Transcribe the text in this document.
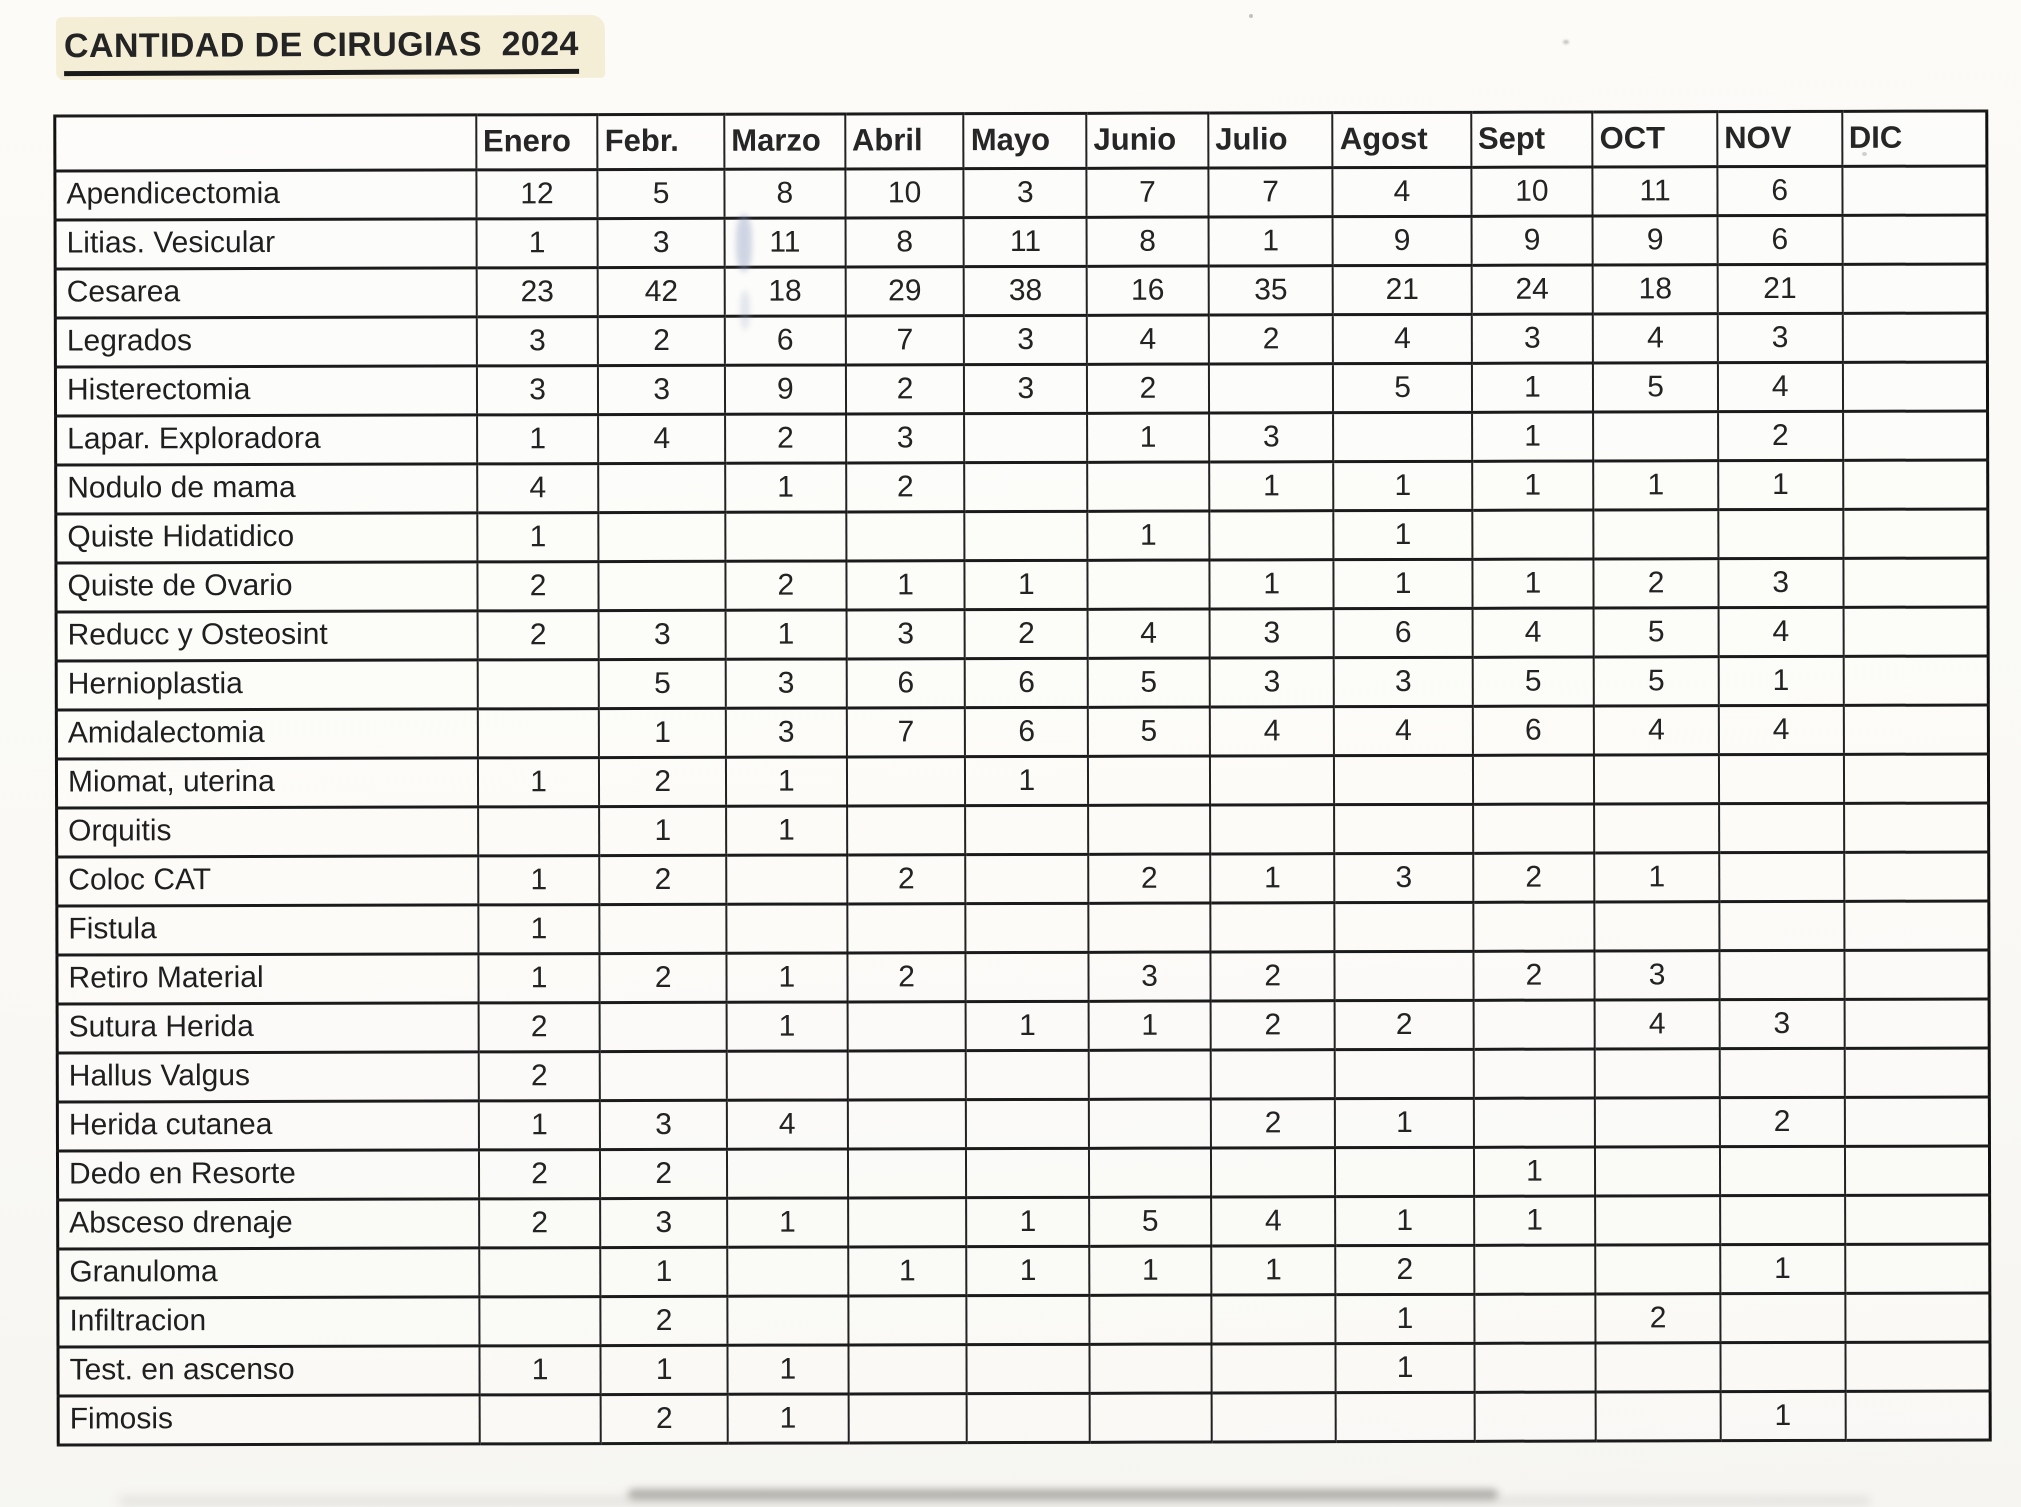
CANTIDAD DE CIRUGIAS  2024
	Enero	Febr.	Marzo	Abril	Mayo	Junio	Julio	Agost	Sept	OCT	NOV	DIC
Apendicectomia	12	5	8	10	3	7	7	4	10	11	6	
Litias. Vesicular	1	3	11	8	11	8	1	9	9	9	6	
Cesarea	23	42	18	29	38	16	35	21	24	18	21	
Legrados	3	2	6	7	3	4	2	4	3	4	3	
Histerectomia	3	3	9	2	3	2		5	1	5	4	
Lapar. Exploradora	1	4	2	3		1	3		1		2	
Nodulo de mama	4		1	2			1	1	1	1	1	
Quiste Hidatidico	1					1		1				
Quiste de Ovario	2		2	1	1		1	1	1	2	3	
Reducc y Osteosint	2	3	1	3	2	4	3	6	4	5	4	
Hernioplastia		5	3	6	6	5	3	3	5	5	1	
Amidalectomia		1	3	7	6	5	4	4	6	4	4	
Miomat, uterina	1	2	1		1							
Orquitis		1	1									
Coloc CAT	1	2		2		2	1	3	2	1		
Fistula	1											
Retiro Material	1	2	1	2		3	2		2	3		
Sutura Herida	2		1		1	1	2	2		4	3	
Hallus Valgus	2											
Herida cutanea	1	3	4				2	1			2	
Dedo en Resorte	2	2							1			
Absceso drenaje	2	3	1		1	5	4	1	1			
Granuloma		1		1	1	1	1	2			1	
Infiltracion		2						1		2		
Test. en ascenso	1	1	1					1				
Fimosis		2	1								1	
